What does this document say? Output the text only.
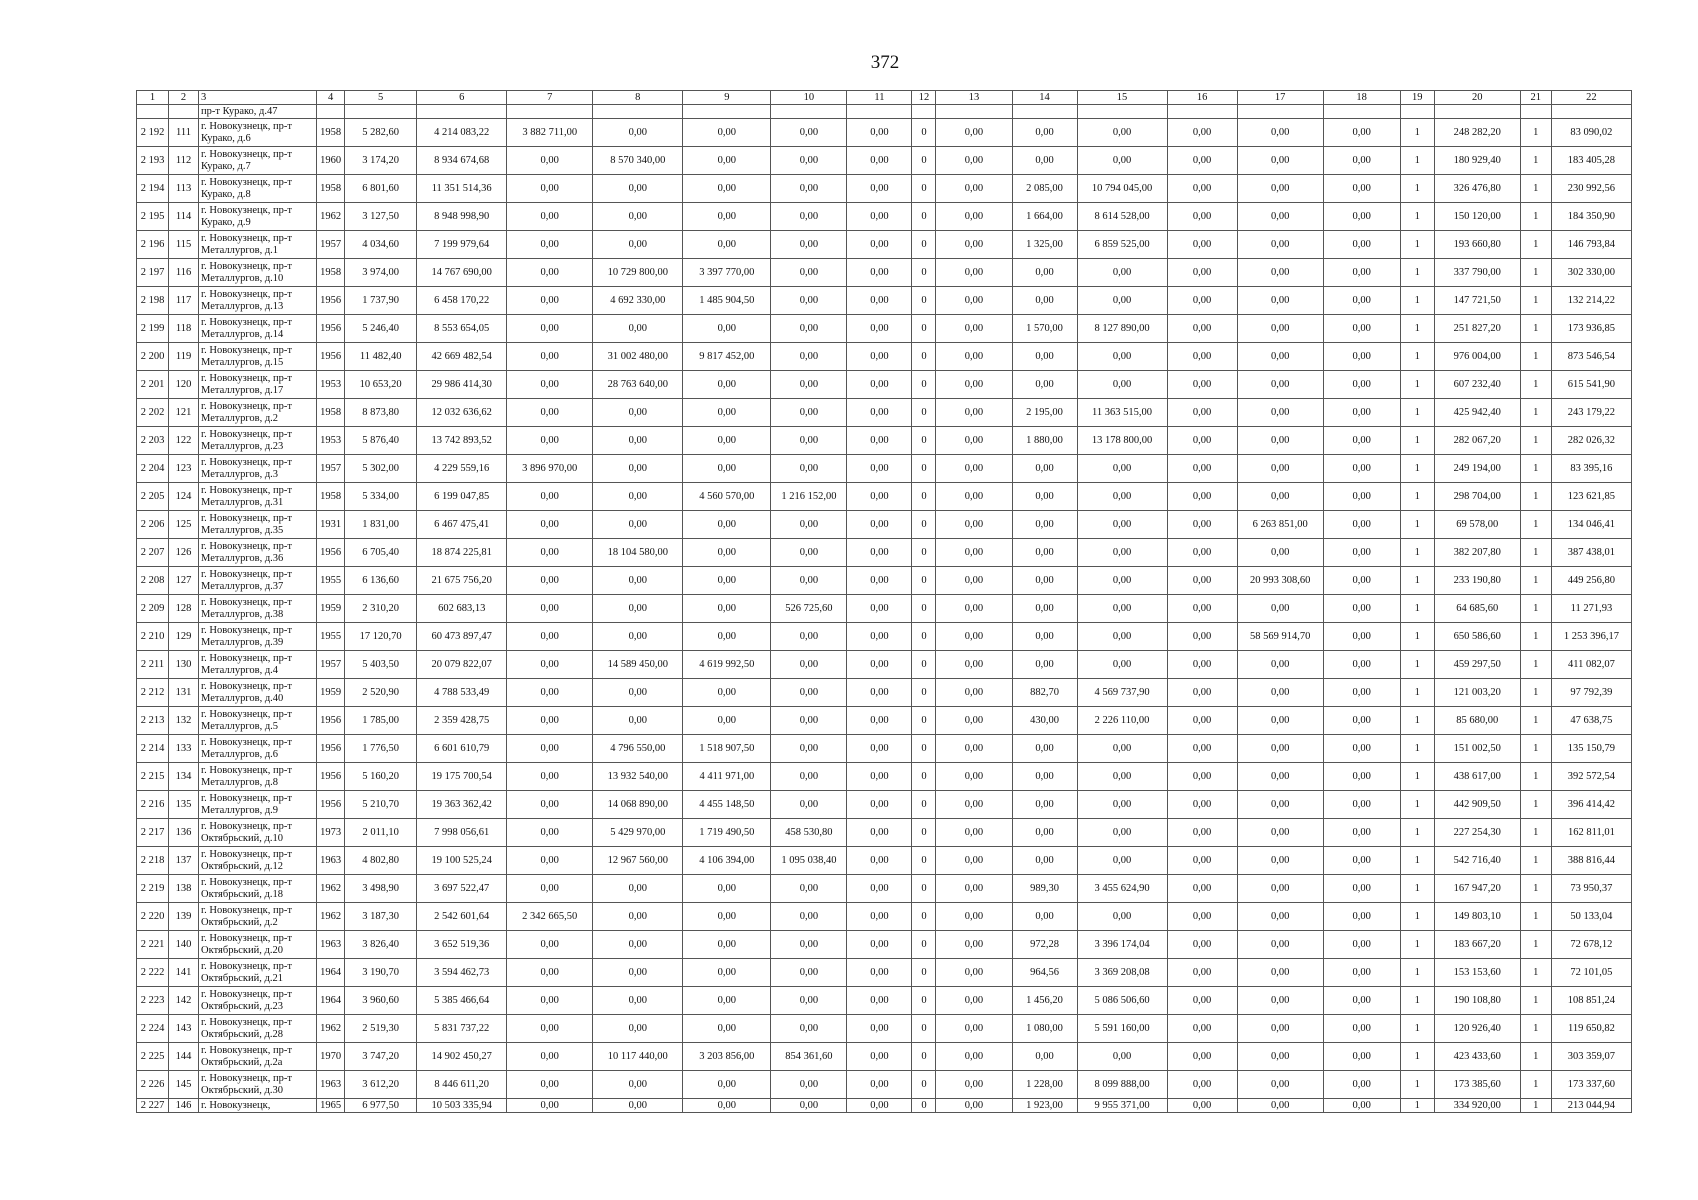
372
1	2	3	4	5	6	7	8	9	10	11	12	13	14	15	16	17	18	19	20	21	22
		пр-т Курако, д.47																			
2 192	111	г. Новокузнецк, пр-т Курако, д.6	1958	5 282,60	4 214 083,22	3 882 711,00	0,00	0,00	0,00	0,00	0	0,00	0,00	0,00	0,00	0,00	0,00	1	248 282,20	1	83 090,02
2 193	112	г. Новокузнецк, пр-т Курако, д.7	1960	3 174,20	8 934 674,68	0,00	8 570 340,00	0,00	0,00	0,00	0	0,00	0,00	0,00	0,00	0,00	0,00	1	180 929,40	1	183 405,28
2 194	113	г. Новокузнецк, пр-т Курако, д.8	1958	6 801,60	11 351 514,36	0,00	0,00	0,00	0,00	0,00	0	0,00	2 085,00	10 794 045,00	0,00	0,00	0,00	1	326 476,80	1	230 992,56
2 195	114	г. Новокузнецк, пр-т Курако, д.9	1962	3 127,50	8 948 998,90	0,00	0,00	0,00	0,00	0,00	0	0,00	1 664,00	8 614 528,00	0,00	0,00	0,00	1	150 120,00	1	184 350,90
2 196	115	г. Новокузнецк, пр-т Металлургов, д.1	1957	4 034,60	7 199 979,64	0,00	0,00	0,00	0,00	0,00	0	0,00	1 325,00	6 859 525,00	0,00	0,00	0,00	1	193 660,80	1	146 793,84
2 197	116	г. Новокузнецк, пр-т Металлургов, д.10	1958	3 974,00	14 767 690,00	0,00	10 729 800,00	3 397 770,00	0,00	0,00	0	0,00	0,00	0,00	0,00	0,00	0,00	1	337 790,00	1	302 330,00
2 198	117	г. Новокузнецк, пр-т Металлургов, д.13	1956	1 737,90	6 458 170,22	0,00	4 692 330,00	1 485 904,50	0,00	0,00	0	0,00	0,00	0,00	0,00	0,00	0,00	1	147 721,50	1	132 214,22
2 199	118	г. Новокузнецк, пр-т Металлургов, д.14	1956	5 246,40	8 553 654,05	0,00	0,00	0,00	0,00	0,00	0	0,00	1 570,00	8 127 890,00	0,00	0,00	0,00	1	251 827,20	1	173 936,85
2 200	119	г. Новокузнецк, пр-т Металлургов, д.15	1956	11 482,40	42 669 482,54	0,00	31 002 480,00	9 817 452,00	0,00	0,00	0	0,00	0,00	0,00	0,00	0,00	0,00	1	976 004,00	1	873 546,54
2 201	120	г. Новокузнецк, пр-т Металлургов, д.17	1953	10 653,20	29 986 414,30	0,00	28 763 640,00	0,00	0,00	0,00	0	0,00	0,00	0,00	0,00	0,00	0,00	1	607 232,40	1	615 541,90
2 202	121	г. Новокузнецк, пр-т Металлургов, д.2	1958	8 873,80	12 032 636,62	0,00	0,00	0,00	0,00	0,00	0	0,00	2 195,00	11 363 515,00	0,00	0,00	0,00	1	425 942,40	1	243 179,22
2 203	122	г. Новокузнецк, пр-т Металлургов, д.23	1953	5 876,40	13 742 893,52	0,00	0,00	0,00	0,00	0,00	0	0,00	1 880,00	13 178 800,00	0,00	0,00	0,00	1	282 067,20	1	282 026,32
2 204	123	г. Новокузнецк, пр-т Металлургов, д.3	1957	5 302,00	4 229 559,16	3 896 970,00	0,00	0,00	0,00	0,00	0	0,00	0,00	0,00	0,00	0,00	0,00	1	249 194,00	1	83 395,16
2 205	124	г. Новокузнецк, пр-т Металлургов, д.31	1958	5 334,00	6 199 047,85	0,00	0,00	4 560 570,00	1 216 152,00	0,00	0	0,00	0,00	0,00	0,00	0,00	0,00	1	298 704,00	1	123 621,85
2 206	125	г. Новокузнецк, пр-т Металлургов, д.35	1931	1 831,00	6 467 475,41	0,00	0,00	0,00	0,00	0,00	0	0,00	0,00	0,00	0,00	6 263 851,00	0,00	1	69 578,00	1	134 046,41
2 207	126	г. Новокузнецк, пр-т Металлургов, д.36	1956	6 705,40	18 874 225,81	0,00	18 104 580,00	0,00	0,00	0,00	0	0,00	0,00	0,00	0,00	0,00	0,00	1	382 207,80	1	387 438,01
2 208	127	г. Новокузнецк, пр-т Металлургов, д.37	1955	6 136,60	21 675 756,20	0,00	0,00	0,00	0,00	0,00	0	0,00	0,00	0,00	0,00	20 993 308,60	0,00	1	233 190,80	1	449 256,80
2 209	128	г. Новокузнецк, пр-т Металлургов, д.38	1959	2 310,20	602 683,13	0,00	0,00	0,00	526 725,60	0,00	0	0,00	0,00	0,00	0,00	0,00	0,00	1	64 685,60	1	11 271,93
2 210	129	г. Новокузнецк, пр-т Металлургов, д.39	1955	17 120,70	60 473 897,47	0,00	0,00	0,00	0,00	0,00	0	0,00	0,00	0,00	0,00	58 569 914,70	0,00	1	650 586,60	1	1 253 396,17
2 211	130	г. Новокузнецк, пр-т Металлургов, д.4	1957	5 403,50	20 079 822,07	0,00	14 589 450,00	4 619 992,50	0,00	0,00	0	0,00	0,00	0,00	0,00	0,00	0,00	1	459 297,50	1	411 082,07
2 212	131	г. Новокузнецк, пр-т Металлургов, д.40	1959	2 520,90	4 788 533,49	0,00	0,00	0,00	0,00	0,00	0	0,00	882,70	4 569 737,90	0,00	0,00	0,00	1	121 003,20	1	97 792,39
2 213	132	г. Новокузнецк, пр-т Металлургов, д.5	1956	1 785,00	2 359 428,75	0,00	0,00	0,00	0,00	0,00	0	0,00	430,00	2 226 110,00	0,00	0,00	0,00	1	85 680,00	1	47 638,75
2 214	133	г. Новокузнецк, пр-т Металлургов, д.6	1956	1 776,50	6 601 610,79	0,00	4 796 550,00	1 518 907,50	0,00	0,00	0	0,00	0,00	0,00	0,00	0,00	0,00	1	151 002,50	1	135 150,79
2 215	134	г. Новокузнецк, пр-т Металлургов, д.8	1956	5 160,20	19 175 700,54	0,00	13 932 540,00	4 411 971,00	0,00	0,00	0	0,00	0,00	0,00	0,00	0,00	0,00	1	438 617,00	1	392 572,54
2 216	135	г. Новокузнецк, пр-т Металлургов, д.9	1956	5 210,70	19 363 362,42	0,00	14 068 890,00	4 455 148,50	0,00	0,00	0	0,00	0,00	0,00	0,00	0,00	0,00	1	442 909,50	1	396 414,42
2 217	136	г. Новокузнецк, пр-т Октябрьский, д.10	1973	2 011,10	7 998 056,61	0,00	5 429 970,00	1 719 490,50	458 530,80	0,00	0	0,00	0,00	0,00	0,00	0,00	0,00	1	227 254,30	1	162 811,01
2 218	137	г. Новокузнецк, пр-т Октябрьский, д.12	1963	4 802,80	19 100 525,24	0,00	12 967 560,00	4 106 394,00	1 095 038,40	0,00	0	0,00	0,00	0,00	0,00	0,00	0,00	1	542 716,40	1	388 816,44
2 219	138	г. Новокузнецк, пр-т Октябрьский, д.18	1962	3 498,90	3 697 522,47	0,00	0,00	0,00	0,00	0,00	0	0,00	989,30	3 455 624,90	0,00	0,00	0,00	1	167 947,20	1	73 950,37
2 220	139	г. Новокузнецк, пр-т Октябрьский, д.2	1962	3 187,30	2 542 601,64	2 342 665,50	0,00	0,00	0,00	0,00	0	0,00	0,00	0,00	0,00	0,00	0,00	1	149 803,10	1	50 133,04
2 221	140	г. Новокузнецк, пр-т Октябрьский, д.20	1963	3 826,40	3 652 519,36	0,00	0,00	0,00	0,00	0,00	0	0,00	972,28	3 396 174,04	0,00	0,00	0,00	1	183 667,20	1	72 678,12
2 222	141	г. Новокузнецк, пр-т Октябрьский, д.21	1964	3 190,70	3 594 462,73	0,00	0,00	0,00	0,00	0,00	0	0,00	964,56	3 369 208,08	0,00	0,00	0,00	1	153 153,60	1	72 101,05
2 223	142	г. Новокузнецк, пр-т Октябрьский, д.23	1964	3 960,60	5 385 466,64	0,00	0,00	0,00	0,00	0,00	0	0,00	1 456,20	5 086 506,60	0,00	0,00	0,00	1	190 108,80	1	108 851,24
2 224	143	г. Новокузнецк, пр-т Октябрьский, д.28	1962	2 519,30	5 831 737,22	0,00	0,00	0,00	0,00	0,00	0	0,00	1 080,00	5 591 160,00	0,00	0,00	0,00	1	120 926,40	1	119 650,82
2 225	144	г. Новокузнецк, пр-т Октябрьский, д.2а	1970	3 747,20	14 902 450,27	0,00	10 117 440,00	3 203 856,00	854 361,60	0,00	0	0,00	0,00	0,00	0,00	0,00	0,00	1	423 433,60	1	303 359,07
2 226	145	г. Новокузнецк, пр-т Октябрьский, д.30	1963	3 612,20	8 446 611,20	0,00	0,00	0,00	0,00	0,00	0	0,00	1 228,00	8 099 888,00	0,00	0,00	0,00	1	173 385,60	1	173 337,60
2 227	146	г. Новокузнецк,	1965	6 977,50	10 503 335,94	0,00	0,00	0,00	0,00	0,00	0	0,00	1 923,00	9 955 371,00	0,00	0,00	0,00	1	334 920,00	1	213 044,94
